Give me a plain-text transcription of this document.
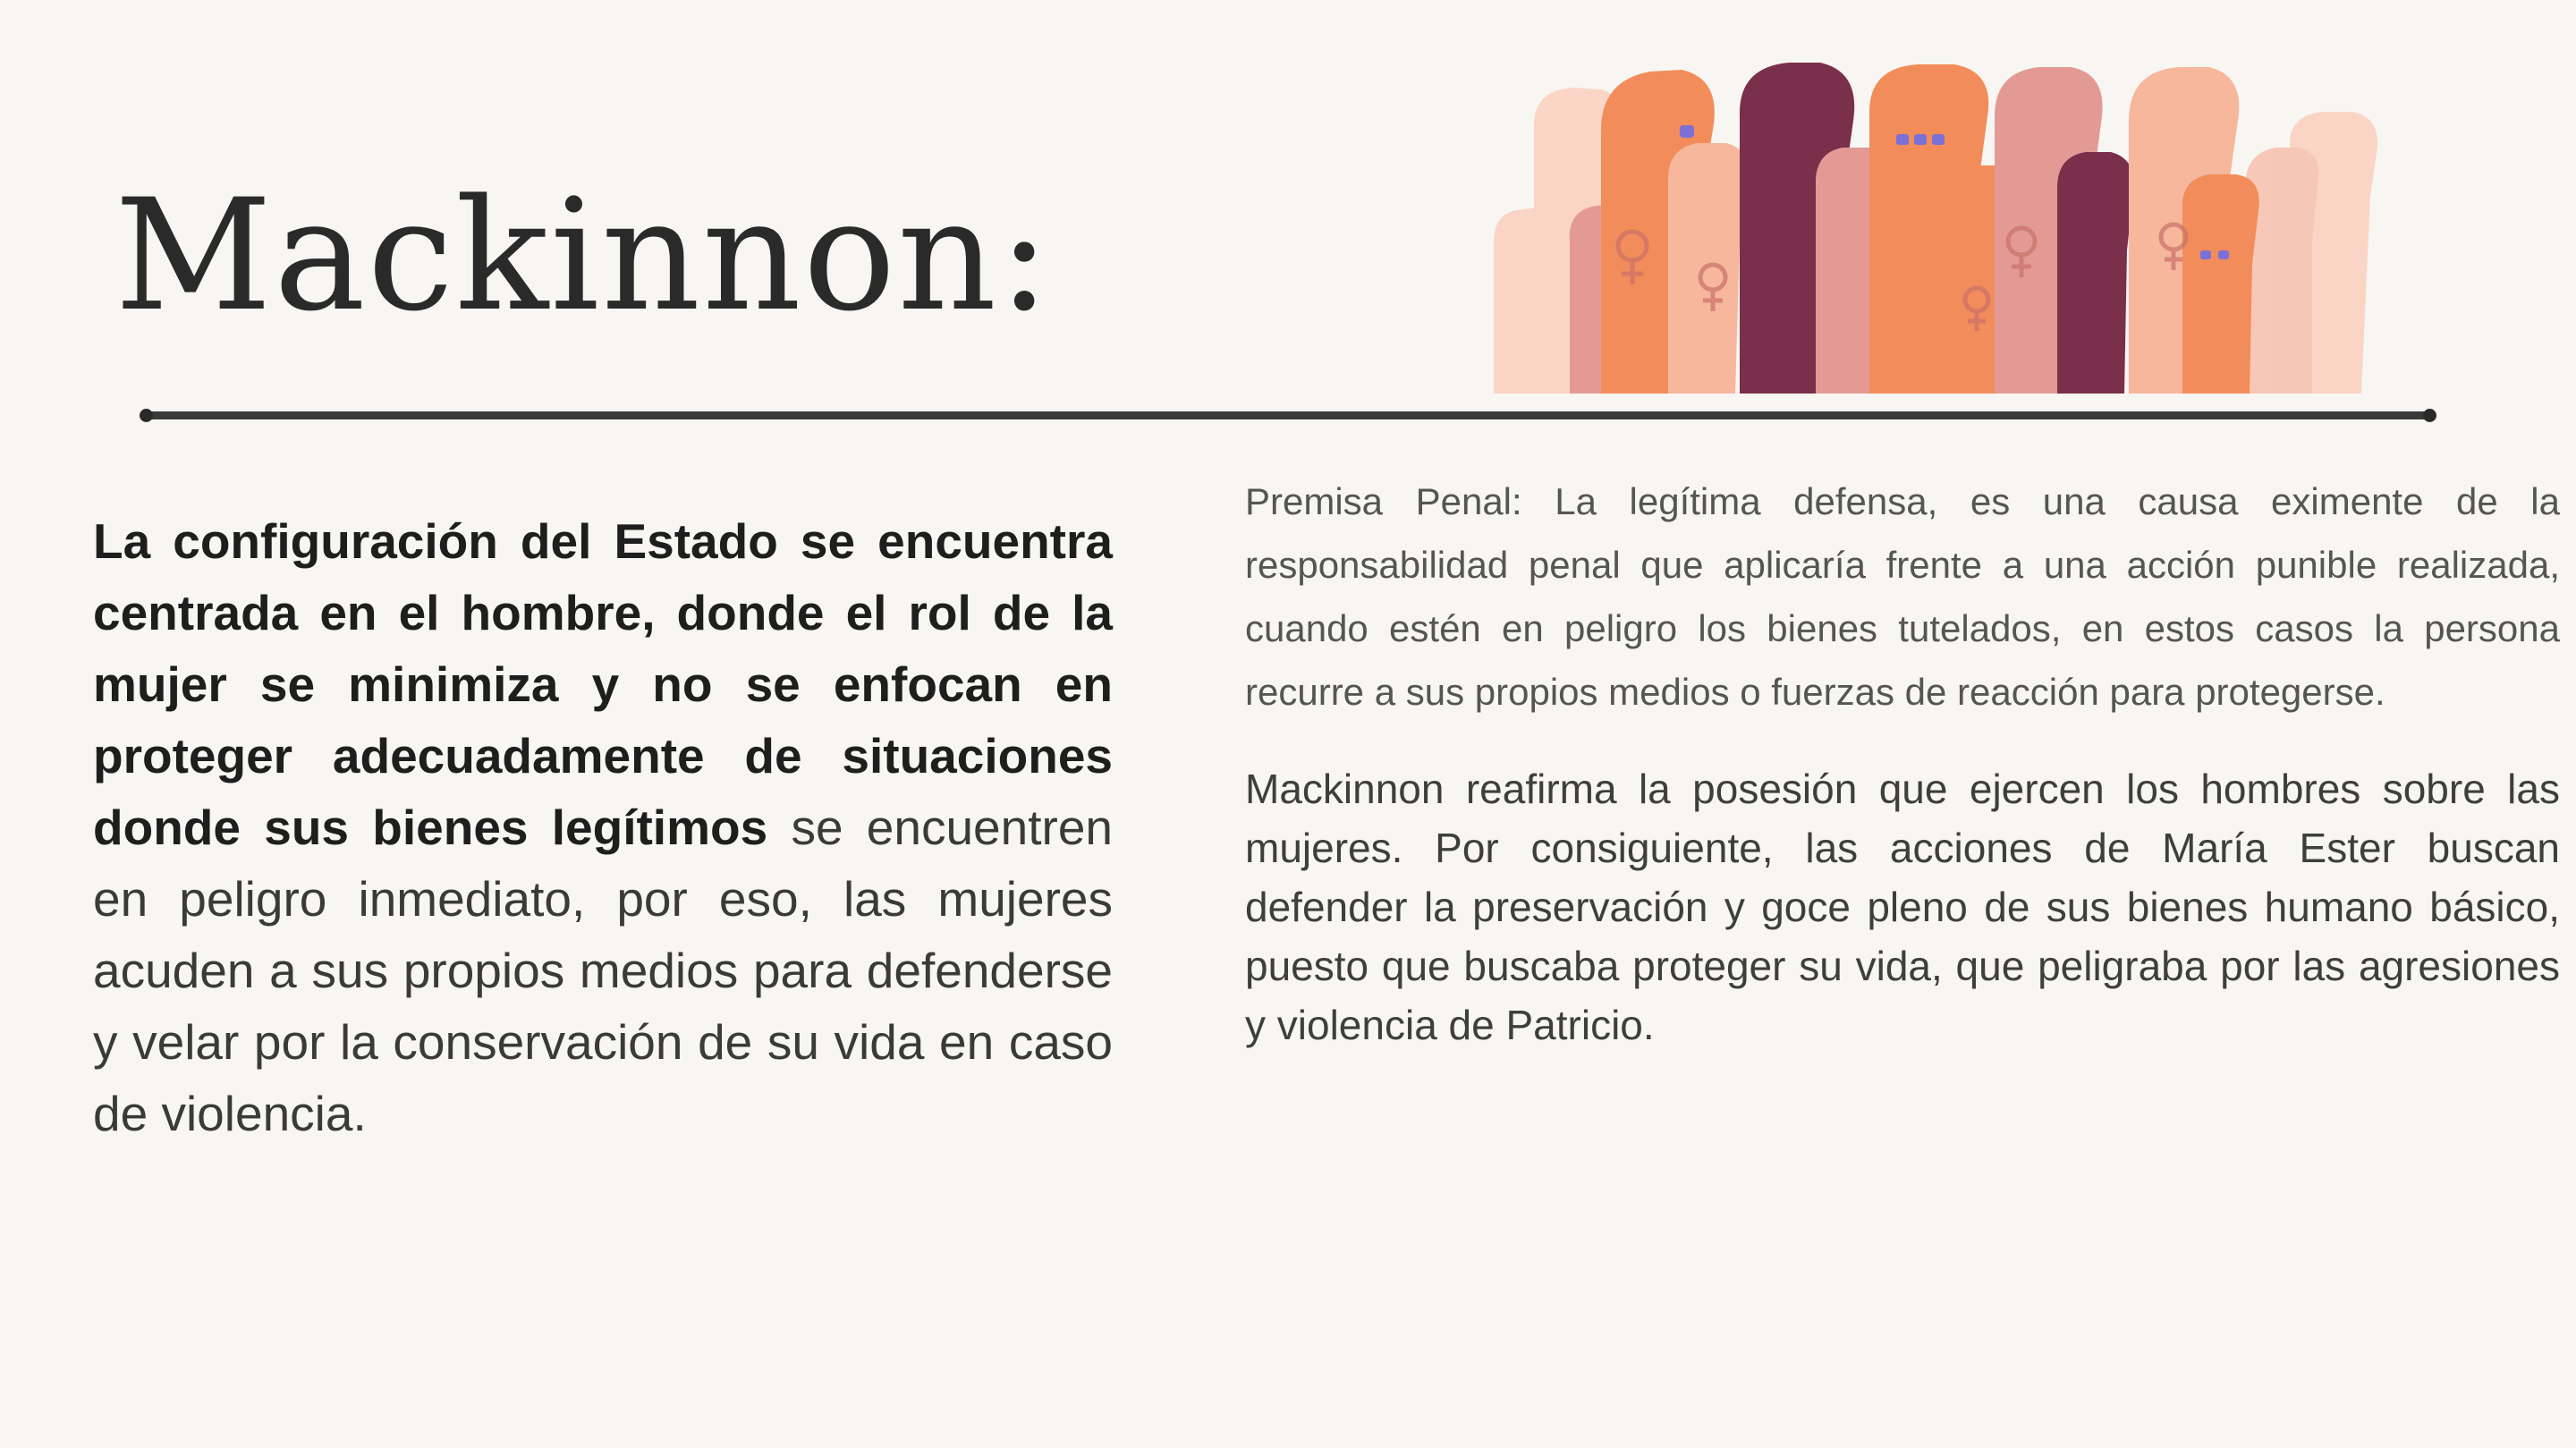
Mackinnon:

La configuración del Estado se encuentra centrada en el hombre, donde el rol de la mujer se minimiza y no se enfocan en proteger adecuadamente de situaciones donde sus bienes legítimos se encuentren en peligro inmediato, por eso, las mujeres acuden a sus propios medios para defenderse y velar por la conservación de su vida en caso de violencia.

Premisa Penal: La legítima defensa, es una causa eximente de la responsabilidad penal que aplicaría frente a una acción punible realizada, cuando estén en peligro los bienes tutelados, en estos casos la persona recurre a sus propios medios o fuerzas de reacción para protegerse.

Mackinnon reafirma la posesión que ejercen los hombres sobre las mujeres. Por consiguiente, las acciones de María Ester buscan defender la preservación y goce pleno de sus bienes humano básico, puesto que buscaba proteger su vida, que peligraba por las agresiones y violencia de Patricio.
